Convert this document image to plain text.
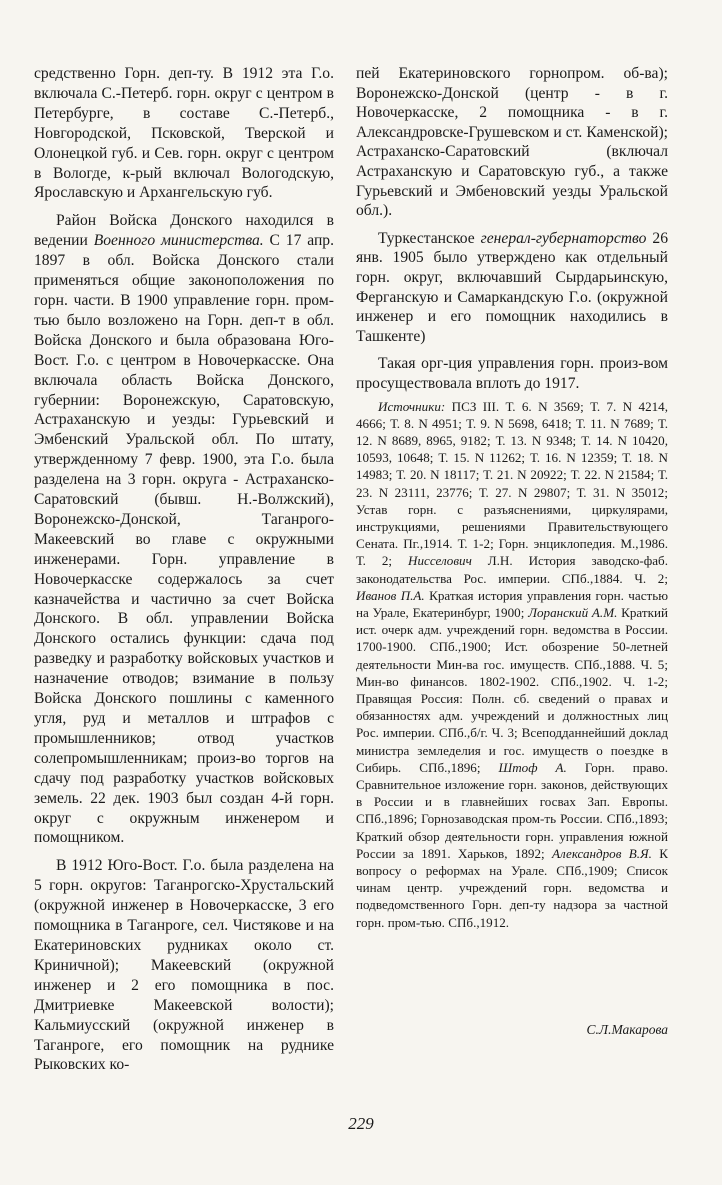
средственно Горн. деп-ту. В 1912 эта Г.о. включала С.-Петерб. горн. округ с центром в Петербурге, в составе С.-Петерб., Новгородской, Псковской, Тверской и Олонецкой губ. и Сев. горн. округ с центром в Вологде, к-рый включал Вологодскую, Ярославскую и Архангельскую губ.

Район Войска Донского находился в ведении Военного министерства. С 17 апр. 1897 в обл. Войска Донского стали применяться общие законоположения по горн. части. В 1900 управление горн. пром-тью было возложено на Горн. деп-т в обл. Войска Донского и была образована Юго-Вост. Г.о. с центром в Новочеркасске. Она включала область Войска Донского, губернии: Воронежскую, Саратовскую, Астраханскую и уезды: Гурьевский и Эмбенский Уральской обл. По штату, утвержденному 7 февр. 1900, эта Г.о. была разделена на 3 горн. округа - Астраханско-Саратовский (бывш. Н.-Волжский), Воронежско-Донской, Таганрого-Макеевский во главе с окружными инженерами. Горн. управление в Новочеркасске содержалось за счет казначейства и частично за счет Войска Донского. В обл. управлении Войска Донского остались функции: сдача под разведку и разработку войсковых участков и назначение отводов; взимание в пользу Войска Донского пошлины с каменного угля, руд и металлов и штрафов с промышленников; отвод участков солепромышленникам; произ-во торгов на сдачу под разработку участков войсковых земель. 22 дек. 1903 был создан 4-й горн. округ с окружным инженером и помощником.

В 1912 Юго-Вост. Г.о. была разделена на 5 горн. округов: Таганрогско-Хрустальский (окружной инженер в Новочеркасске, 3 его помощника в Таганроге, сел. Чистякове и на Екатериновских рудниках около ст. Криничной); Макеевский (окружной инженер и 2 его помощника в пос. Дмитриевке Макеевской волости); Кальмиусский (окружной инженер в Таганроге, его помощник на руднике Рыковских ко-

пей Екатериновского горнопром. об-ва); Воронежско-Донской (центр - в г. Новочеркасске, 2 помощника - в г. Александровске-Грушевском и ст. Каменской); Астраханско-Саратовский (включал Астраханскую и Саратовскую губ., а также Гурьевский и Эмбеновский уезды Уральской обл.).

Туркестанское генерал-губернаторство 26 янв. 1905 было утверждено как отдельный горн. округ, включавший Сырдарьинскую, Ферганскую и Самаркандскую Г.о. (окружной инженер и его помощник находились в Ташкенте)

Такая орг-ция управления горн. произ-вом просуществовала вплоть до 1917.

Источники: ПСЗ III. Т. 6. N 3569; Т. 7. N 4214, 4666; Т. 8. N 4951; Т. 9. N 5698, 6418; Т. 11. N 7689; Т. 12. N 8689, 8965, 9182; Т. 13. N 9348; Т. 14. N 10420, 10593, 10648; Т. 15. N 11262; Т. 16. N 12359; Т. 18. N 14983; Т. 20. N 18117; Т. 21. N 20922; Т. 22. N 21584; Т. 23. N 23111, 23776; Т. 27. N 29807; Т. 31. N 35012; Устав горн. с разъяснениями, циркулярами, инструкциями, решениями Правительствующего Сената. Пг.,1914. Т. 1-2; Горн. энциклопедия. М.,1986. Т. 2; Нисселович Л.Н. История заводско-фаб. законодательства Рос. империи. СПб.,1884. Ч. 2; Иванов П.А. Краткая история управления горн. частью на Урале, Екатеринбург, 1900; Лоранский А.М. Краткий ист. очерк адм. учреждений горн. ведомства в России. 1700-1900. СПб.,1900; Ист. обозрение 50-летней деятельности Мин-ва гос. имуществ. СПб.,1888. Ч. 5; Мин-во финансов. 1802-1902. СПб.,1902. Ч. 1-2; Правящая Россия: Полн. сб. сведений о правах и обязанностях адм. учреждений и должностных лиц Рос. империи. СПб.,б/г. Ч. 3; Всеподданнейший доклад министра земледелия и гос. имуществ о поездке в Сибирь. СПб.,1896; Штоф А. Горн. право. Сравнительное изложение горн. законов, действующих в России и в главнейших госвах Зап. Европы. СПб.,1896; Горнозаводская пром-ть России. СПб.,1893; Краткий обзор деятельности горн. управления южной России за 1891. Харьков, 1892; Александров В.Я. К вопросу о реформах на Урале. СПб.,1909; Список чинам центр. учреждений горн. ведомства и подведомственного Горн. деп-ту надзора за частной горн. пром-тью. СПб.,1912.

С.Л.Макарова
229
